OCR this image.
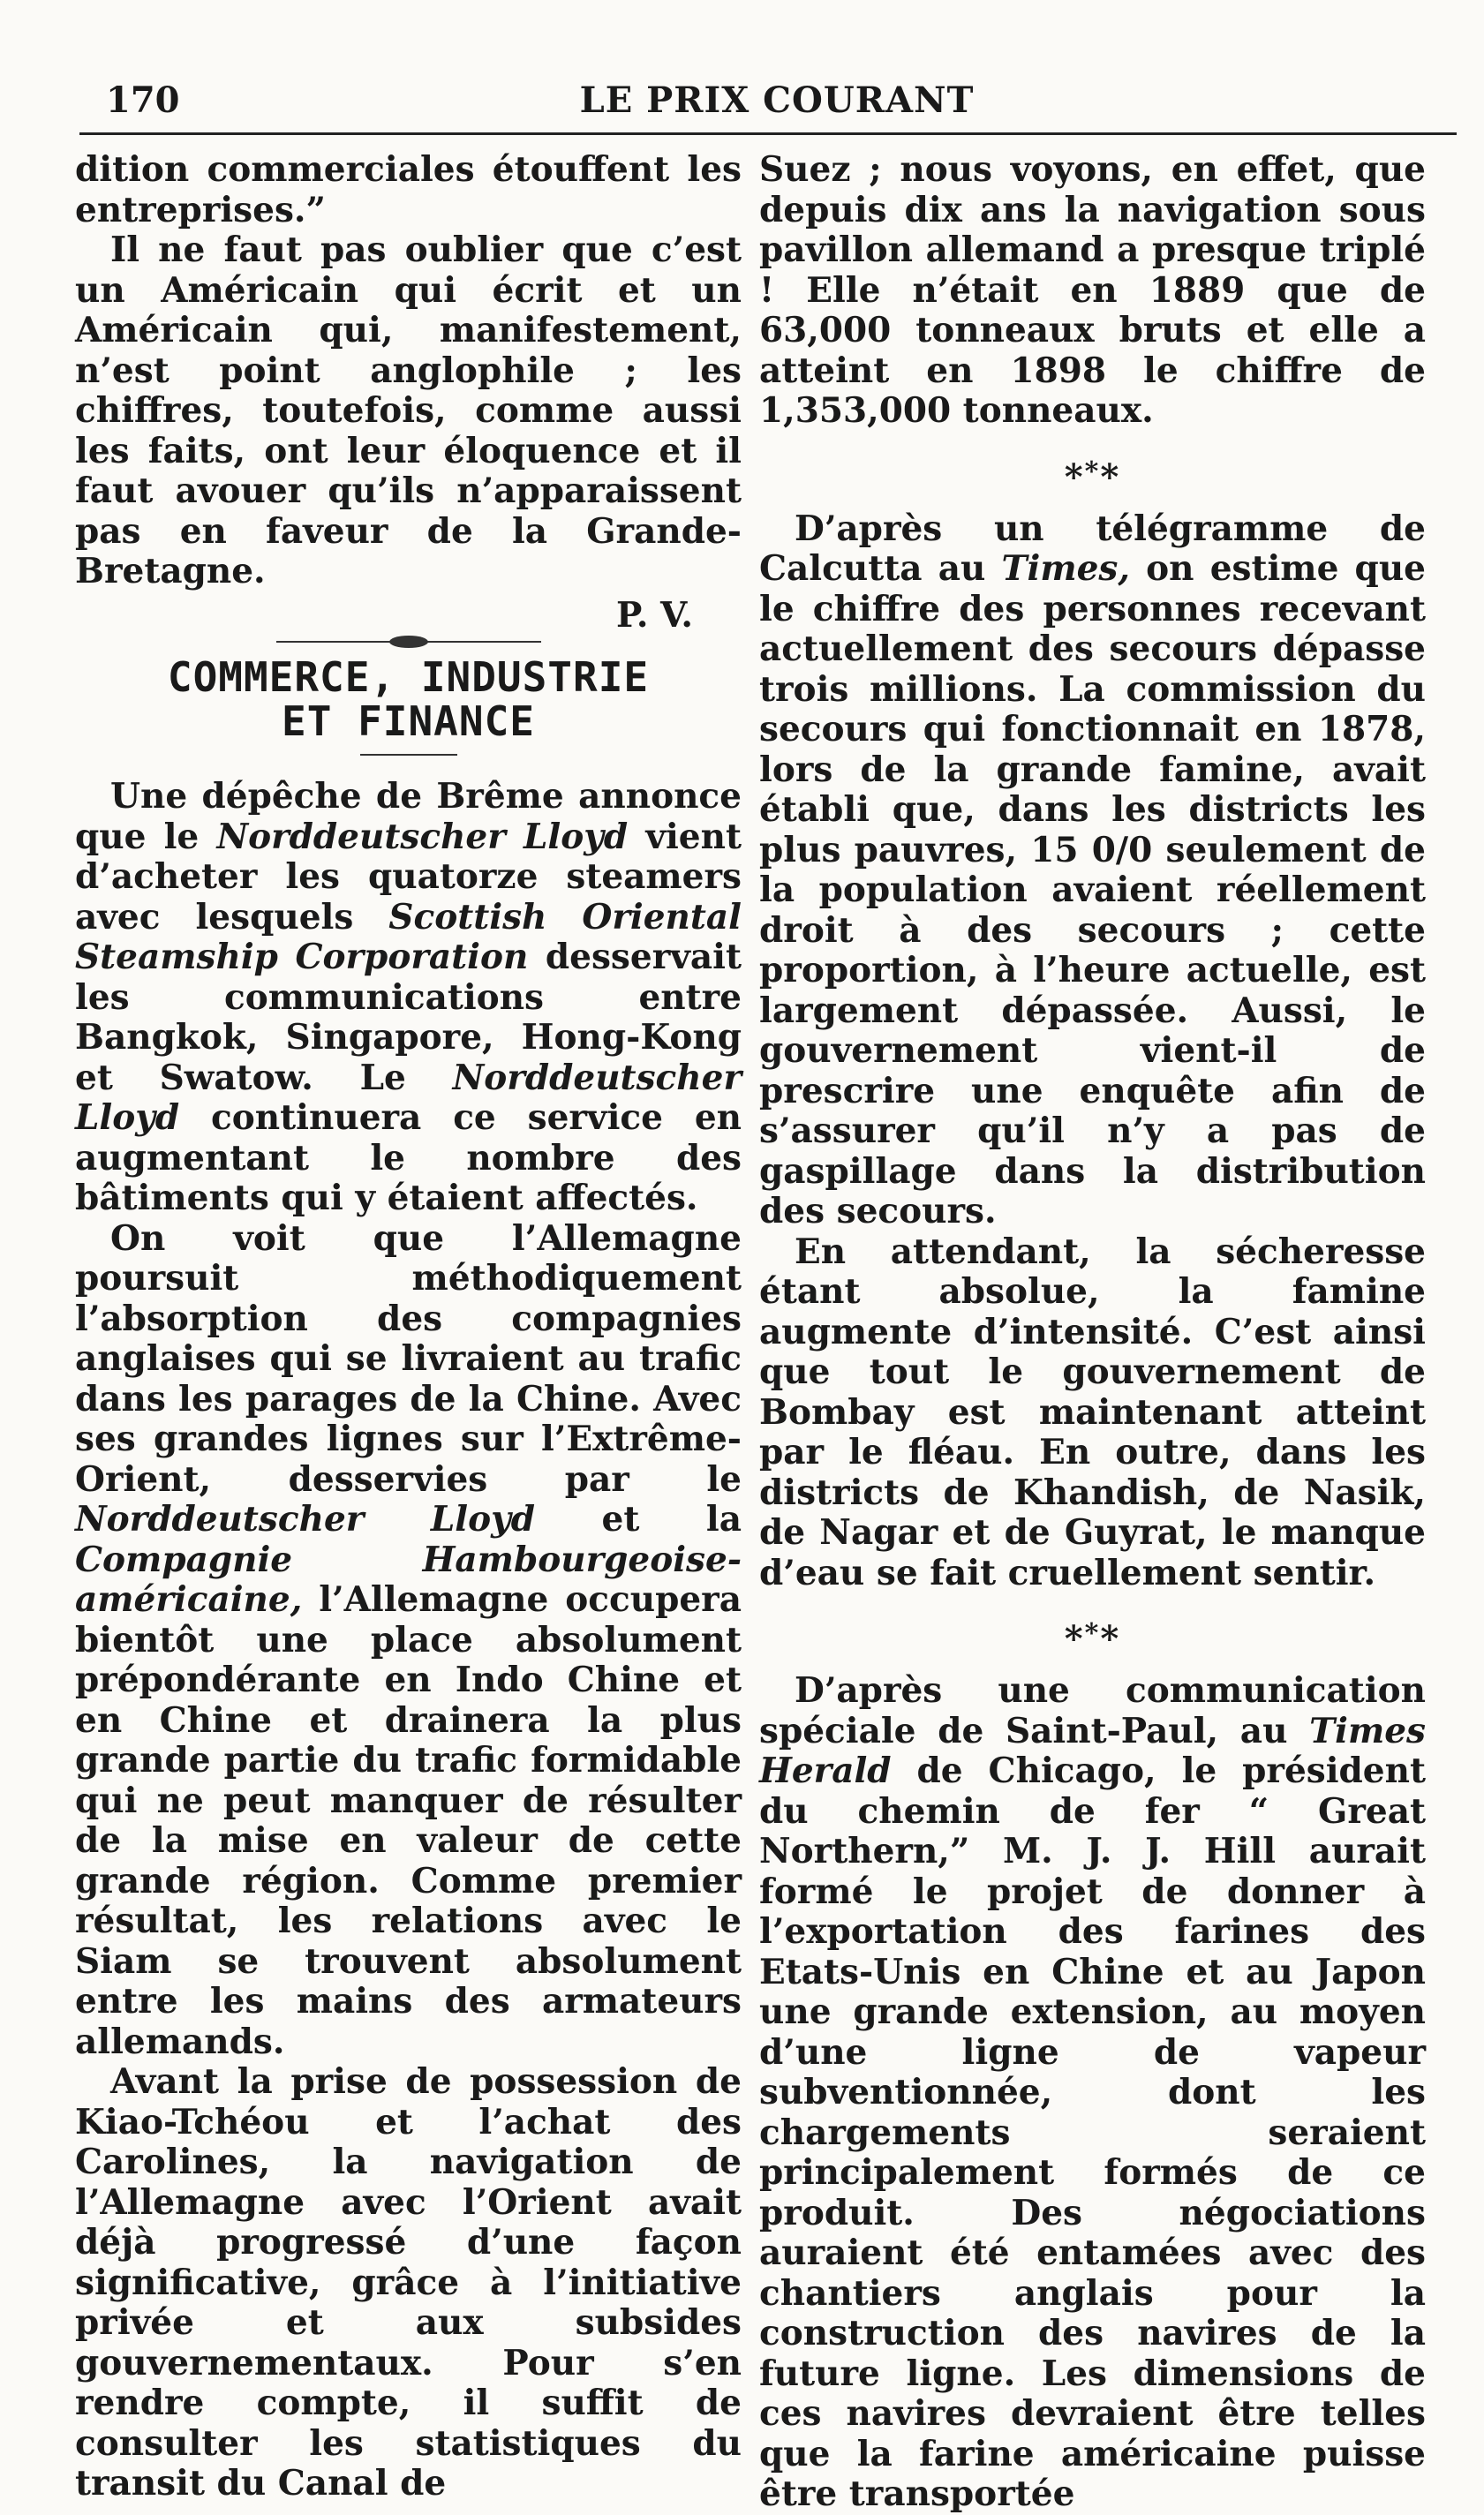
170	LE PRIX COURANT

dition commerciales étouffent les entreprises.”

Il ne faut pas oublier que c’est un Américain qui écrit et un Américain qui, manifestement, n’est point anglophile ; les chiffres, toutefois, comme aussi les faits, ont leur éloquence et il faut avouer qu’ils n’apparaissent pas en faveur de la Grande-Bretagne.

P. V.
COMMERCE, INDUSTRIE
ET FINANCE

Une dépêche de Brême annonce que le Norddeutscher Lloyd vient d’acheter les quatorze steamers avec lesquels Scottish Oriental Steamship Corporation desservait les communications entre Bangkok, Singapore, Hong-Kong et Swatow. Le Norddeutscher Lloyd continuera ce service en augmentant le nombre des bâtiments qui y étaient affectés.

On voit que l’Allemagne poursuit méthodiquement l’absorption des compagnies anglaises qui se livraient au trafic dans les parages de la Chine. Avec ses grandes lignes sur l’Extrême-Orient, desservies par le Norddeutscher Lloyd et la Compagnie Hambourgeoise-américaine, l’Allemagne occupera bientôt une place absolument prépondérante en Indo Chine et en Chine et drainera la plus grande partie du trafic formidable qui ne peut manquer de résulter de la mise en valeur de cette grande région. Comme premier résultat, les relations avec le Siam se trouvent absolument entre les mains des armateurs allemands.

Avant la prise de possession de Kiao-Tchéou et l’achat des Carolines, la navigation de l’Allemagne avec l’Orient avait déjà progressé d’une façon significative, grâce à l’initiative privée et aux subsides gouvernementaux. Pour s’en rendre compte, il suffit de consulter les statistiques du transit du Canal de

Suez ; nous voyons, en effet, que depuis dix ans la navigation sous pavillon allemand a presque triplé ! Elle n’était en 1889 que de 63,000 tonneaux bruts et elle a atteint en 1898 le chiffre de 1,353,000 tonneaux.

***

D’après un télégramme de Calcutta au Times, on estime que le chiffre des personnes recevant actuellement des secours dépasse trois millions. La commission du secours qui fonctionnait en 1878, lors de la grande famine, avait établi que, dans les districts les plus pauvres, 15 0/0 seulement de la population avaient réellement droit à des secours ; cette proportion, à l’heure actuelle, est largement dépassée. Aussi, le gouvernement vient-il de prescrire une enquête afin de s’assurer qu’il n’y a pas de gaspillage dans la distribution des secours.

En attendant, la sécheresse étant absolue, la famine augmente d’intensité. C’est ainsi que tout le gouvernement de Bombay est maintenant atteint par le fléau. En outre, dans les districts de Khandish, de Nasik, de Nagar et de Guyrat, le manque d’eau se fait cruellement sentir.

***

D’après une communication spéciale de Saint-Paul, au Times Herald de Chicago, le président du chemin de fer “ Great Northern,” M. J. J. Hill aurait formé le projet de donner à l’exportation des farines des Etats-Unis en Chine et au Japon une grande extension, au moyen d’une ligne de vapeur subventionnée, dont les chargements seraient principalement formés de ce produit. Des négociations auraient été entamées avec des chantiers anglais pour la construction des navires de la future ligne. Les dimensions de ces navires devraient être telles que la farine américaine puisse être transportée
